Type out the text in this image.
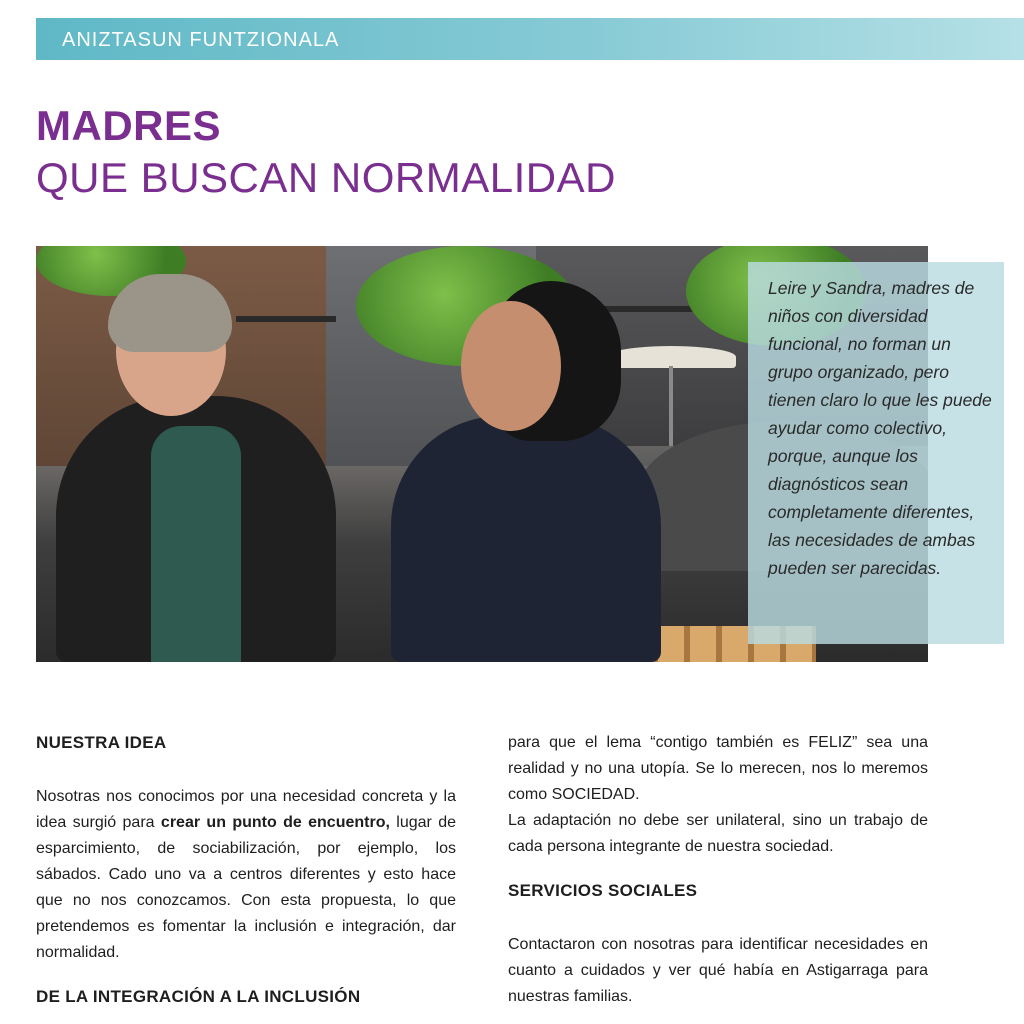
ANIZTASUN FUNTZIONALA
MADRES
QUE BUSCAN NORMALIDAD

Leire y Sandra, madres de niños con diversidad funcional, no forman un grupo organizado, pero tienen claro lo que les puede ayudar como colectivo, porque, aunque los diagnósticos sean completamente diferentes, las necesidades de ambas pueden ser parecidas.

NUESTRA IDEA

Nosotras nos conocimos por una necesidad concreta y la idea surgió para crear un punto de encuentro, lugar de esparcimiento, de sociabilización, por ejemplo, los sábados. Cado uno va a centros diferentes y esto hace que no nos conozcamos. Con esta propuesta, lo que pretendemos es fomentar la inclusión e integración, dar normalidad.

DE LA INTEGRACIÓN A LA INCLUSIÓN

para que el lema “contigo también es FELIZ” sea una realidad y no una utopía. Se lo merecen, nos lo meremos como SOCIEDAD.

La adaptación no debe ser unilateral, sino un trabajo de cada persona integrante de nuestra sociedad.

SERVICIOS SOCIALES

Contactaron con nosotras para identificar necesidades en cuanto a cuidados y ver qué había en Astigarraga para nuestras familias.
